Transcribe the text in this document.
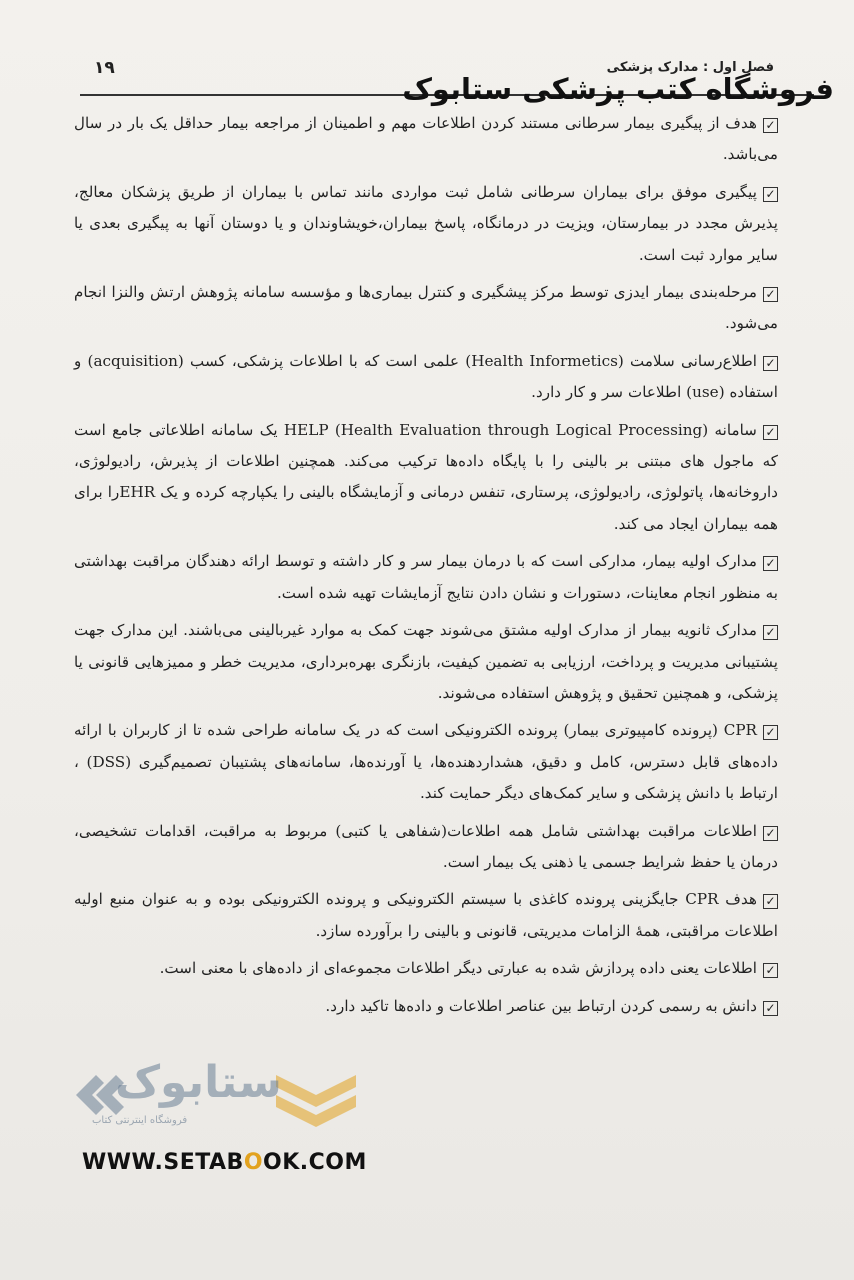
فصل اول : مدارک پزشکی
۱۹
فروشگاه کتب پزشکی ستابوک

✓هدف از پیگیری بیمار سرطانی مستند کردن اطلاعات مهم و اطمینان از مراجعه بیمار حداقل یک بار در سال می‌باشد.

✓پیگیری موفق برای بیماران سرطانی شامل ثبت مواردی مانند تماس با بیماران از طریق پزشکان معالج، پذیرش مجدد در بیمارستان، ویزیت در درمانگاه، پاسخ بیماران،خویشاوندان و یا دوستان آنها به پیگیری بعدی یا سایر موارد ثبت است.

✓مرحله‌بندی بیمار ایدزی توسط مرکز پیشگیری و کنترل بیماری‌ها و مؤسسه سامانه پژوهش ارتش والنزا انجام می‌شود.

✓اطلاع‌رسانی سلامت (Health Informetics) علمی است که با اطلاعات پزشکی، کسب (acquisition) و استفاده (use) اطلاعات سر و کار دارد.

✓سامانه HELP (Health Evaluation through Logical Processing) یک سامانه اطلاعاتی جامع است که ماجول های مبتنی بر بالینی را با پایگاه داده‌ها ترکیب می‌کند. همچنین اطلاعات از پذیرش، رادیولوژی، داروخانه‌ها، پاتولوژی، رادیولوژی، پرستاری، تنفس درمانی و آزمایشگاه بالینی را یکپارچه کرده و یک EHRرا برای همه بیماران ایجاد می کند.

✓مدارک اولیه بیمار، مدارکی است که با درمان بیمار سر و کار داشته و توسط ارائه دهندگان مراقبت بهداشتی به منظور انجام معاینات، دستورات و نشان دادن نتایج آزمایشات تهیه شده است.

✓مدارک ثانویه بیمار از مدارک اولیه مشتق می‌شوند جهت کمک به موارد غیربالینی می‌باشند. این مدارک جهت پشتیبانی مدیریت و پرداخت، ارزیابی به تضمین کیفیت، بازنگری بهره‌برداری، مدیریت خطر و ممیزهایی قانونی یا پزشکی، و همچنین تحقیق و پژوهش استفاده می‌شوند.

✓CPR (پرونده کامپیوتری بیمار) پرونده الکترونیکی است که در یک سامانه طراحی شده تا از کاربران با ارائه داده‌های قابل دسترس، کامل و دقیق، هشداردهنده‌ها، یا آورنده‌ها، سامانه‌های پشتیبان تصمیم‌گیری (DSS) ، ارتباط با دانش پزشکی و سایر کمک‌های دیگر حمایت کند.

✓اطلاعات مراقبت بهداشتی شامل همه اطلاعات(شفاهی یا کتبی) مربوط به مراقبت، اقدامات تشخیصی، درمان یا حفظ شرایط جسمی یا ذهنی یک بیمار است.

✓هدف CPR جایگزینی پرونده کاغذی با سیستم الکترونیکی و پرونده الکترونیکی بوده و به عنوان منبع اولیه اطلاعات مراقبتی، همهٔ الزامات مدیریتی، قانونی و بالینی را برآورده سازد.

✓اطلاعات یعنی داده پردازش شده به عبارتی دیگر اطلاعات مجموعه‌ای از داده‌های با معنی است.

✓دانش به رسمی کردن ارتباط بین عناصر اطلاعات و داده‌ها تاکید دارد.

ستابوک
فروشگاه اینترنتی کتاب
WWW.SETABOOK.COM
